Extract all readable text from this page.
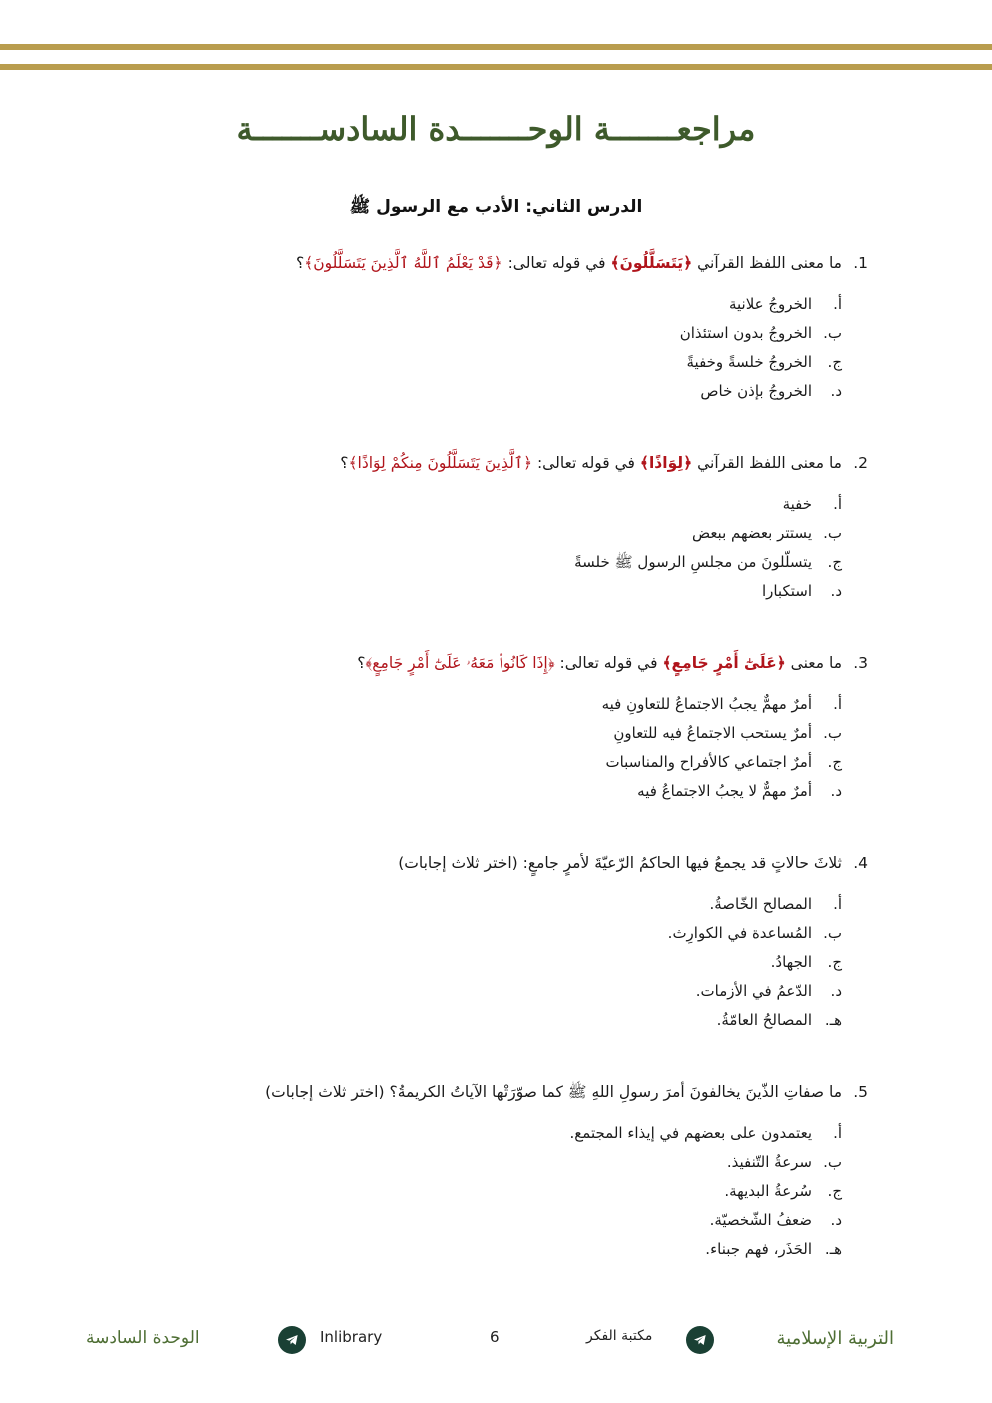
مراجعـــــــة الوحـــــــدة السادســـــــة
الدرس الثاني: الأدب مع الرسول ﷺ
1.
ما معنى اللفظ القرآني ﴿يَتَسَلَّلُونَ﴾ في قوله تعالى: ﴿قَدْ يَعْلَمُ ٱللَّهُ ٱلَّذِينَ يَتَسَلَّلُونَ﴾؟
أ.
الخروجُ علانية
ب.
الخروجُ بدون استئذان
ج.
الخروجُ خلسةً وخفيةً
د.
الخروجُ بإذن خاص
2.
ما معنى اللفظ القرآني ﴿لِوَاذًا﴾ في قوله تعالى: ﴿ٱلَّذِينَ يَتَسَلَّلُونَ مِنكُمْ لِوَاذًا﴾؟
أ.
خفية
ب.
يستتر بعضهم ببعض
ج.
يتسلّلونَ من مجلسِ الرسول ﷺ خلسةً
د.
استكبارا
3.
ما معنى ﴿عَلَىٰٓ أَمْرٍ جَامِعٍ﴾ في قوله تعالى: ﴿إِذَا كَانُوا۟ مَعَهُۥ عَلَىٰٓ أَمْرٍ جَامِعٍ﴾؟
أ.
أمرٌ مهمٌّ يجبُ الاجتماعُ للتعاونِ فيه
ب.
أمرٌ يستحب الاجتماعُ فيه للتعاونِ
ج.
أمرٌ اجتماعي كالأفراح والمناسبات
د.
أمرٌ مهمٌّ لا يجبُ الاجتماعُ فيه
4.
ثلاثَ حالاتٍ قد يجمعُ فيها الحاكمُ الرّعيّةَ لأمرٍ جامعٍ: (اختر ثلاث إجابات)
أ.
المصالح الخّاصةُ.
ب.
المُساعدة في الكوارِث.
ج.
الجهادُ.
د.
الدّعمُ في الأزمات.
هـ.
المصالحُ العامّةُ.
5.
ما صفاتِ الذّينَ يخالفونَ أمرَ رسولِ اللهِ ﷺ كما صوّرَتْها الآياتُ الكريمةُ؟ (اختر ثلاث إجابات)
أ.
يعتمدون على بعضهم في إيذاء المجتمع.
ب.
سرعةُ التّنفيذ.
ج.
سُرعةُ البديهة.
د.
ضعفُ الشّخصيّة.
هـ.
الحَذَر، فهم جبناء.
التربية الإسلامية
مكتبة الفكر
6
Inlibrary
الوحدة السادسة
